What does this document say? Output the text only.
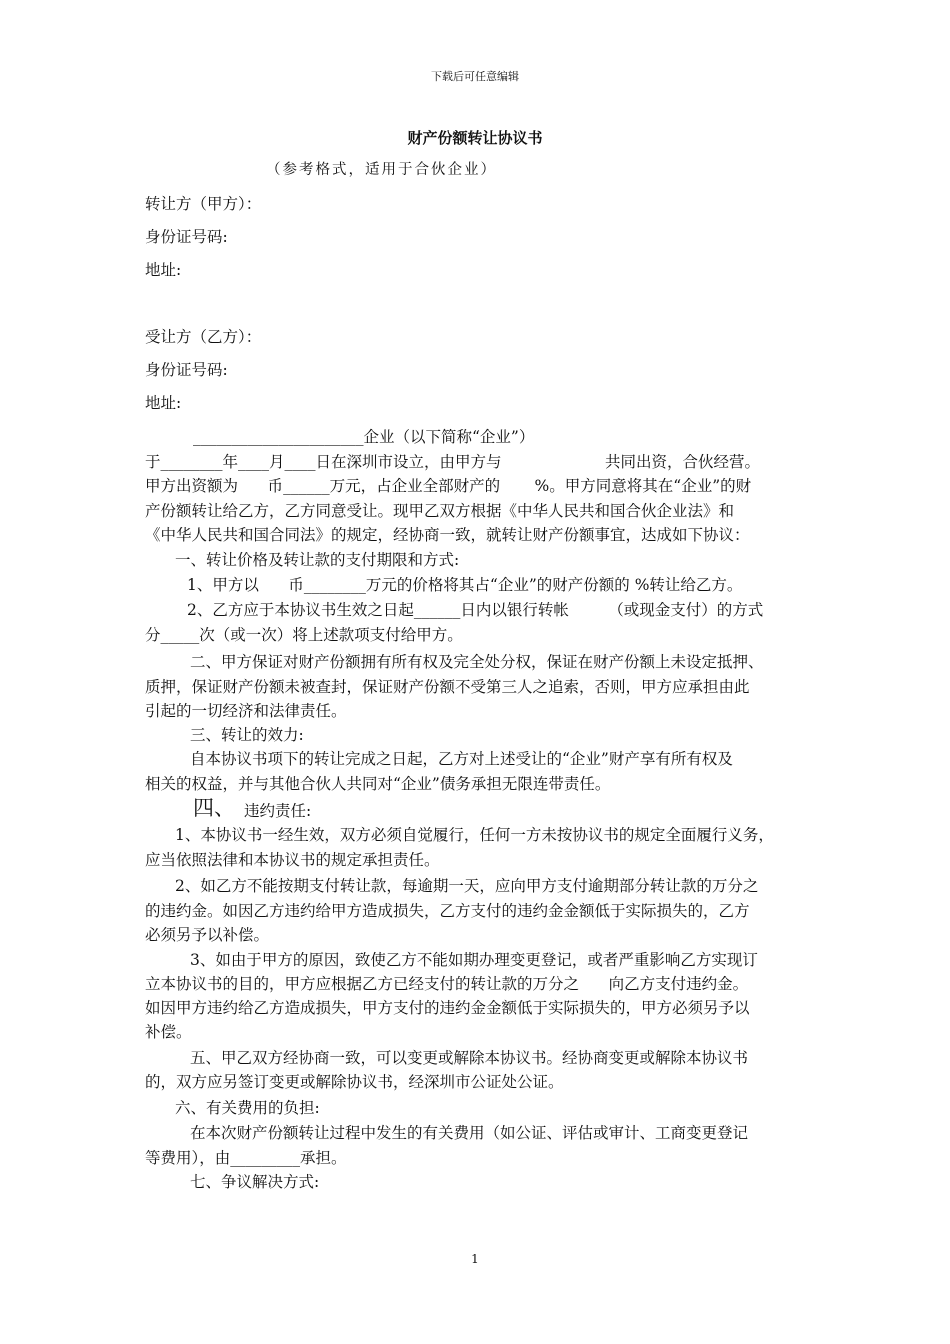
下载后可任意编辑
财产份额转让协议书
（参考格式，适用于合伙企业）
转让方（甲方）：
身份证号码:
地址:
受让方（乙方）：
身份证号码:
地址:
______________________企业（以下简称“企业”）
于________年____月____日在深圳市设立，由甲方与                     共同出资，合伙经营。
甲方出资额为      币______万元，占企业全部财产的       %。甲方同意将其在“企业”的财
产份额转让给乙方，乙方同意受让。现甲乙双方根据《中华人民共和国合伙企业法》和
《中华人民共和国合同法》的规定，经协商一致，就转让财产份额事宜，达成如下协议：
一、转让价格及转让款的支付期限和方式:
1、甲方以      币________万元的价格将其占“企业”的财产份额的 %转让给乙方。
2、乙方应于本协议书生效之日起______日内以银行转帐        （或现金支付）的方式
分_____次（或一次）将上述款项支付给甲方。
二、甲方保证对财产份额拥有所有权及完全处分权，保证在财产份额上未设定抵押、
质押，保证财产份额未被查封，保证财产份额不受第三人之追索，否则，甲方应承担由此
引起的一切经济和法律责任。
三、转让的效力:
自本协议书项下的转让完成之日起，乙方对上述受让的“企业”财产享有所有权及
相关的权益，并与其他合伙人共同对“企业”债务承担无限连带责任。
四、 违约责任:
1、本协议书一经生效，双方必须自觉履行，任何一方未按协议书的规定全面履行义务，
应当依照法律和本协议书的规定承担责任。
2、如乙方不能按期支付转让款，每逾期一天，应向甲方支付逾期部分转让款的万分之
的违约金。如因乙方违约给甲方造成损失，乙方支付的违约金金额低于实际损失的，乙方
必须另予以补偿。
3、如由于甲方的原因，致使乙方不能如期办理变更登记，或者严重影响乙方实现订
立本协议书的目的，甲方应根据乙方已经支付的转让款的万分之      向乙方支付违约金。
如因甲方违约给乙方造成损失，甲方支付的违约金金额低于实际损失的，甲方必须另予以
补偿。
五、甲乙双方经协商一致，可以变更或解除本协议书。经协商变更或解除本协议书
的，双方应另签订变更或解除协议书，经深圳市公证处公证。
六、有关费用的负担:
在本次财产份额转让过程中发生的有关费用（如公证、评估或审计、工商变更登记
等费用），由_________承担。
七、争议解决方式:
1
